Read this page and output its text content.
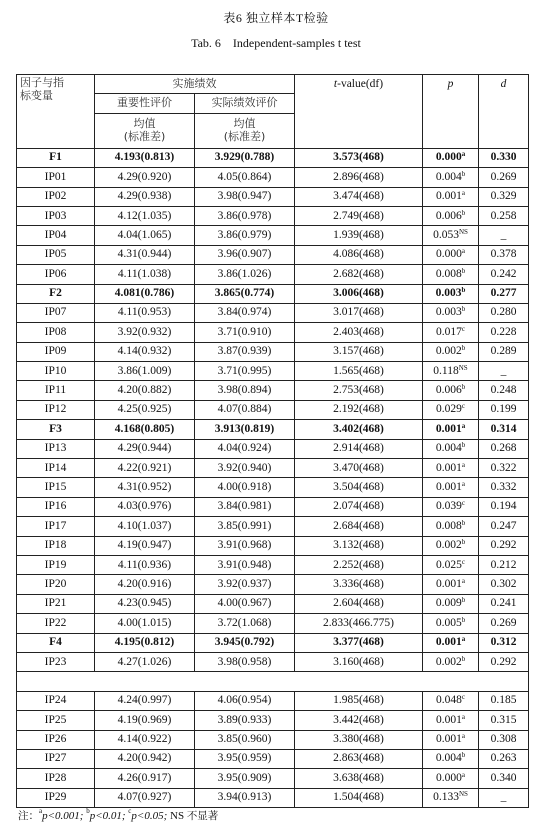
表6 独立样本T检验
Tab. 6    Independent-samples t test
因子与指
标变量	实施绩效		t-value(df)	p	d
	重要性评价	实际绩效评价			
	均值
(标准差)	均值
(标准差)			
F1	4.193(0.813)	3.929(0.788)	3.573(468)	0.000$^a$	0.330
IP01	4.29(0.920)	4.05(0.864)	2.896(468)	0.004$^b$	0.269
IP02	4.29(0.938)	3.98(0.947)	3.474(468)	0.001$^a$	0.329
IP03	4.12(1.035)	3.86(0.978)	2.749(468)	0.006$^b$	0.258
IP04	4.04(1.065)	3.86(0.979)	1.939(468)	$0.053^{NS}$	_
IP05	4.31(0.944)	3.96(0.907)	4.086(468)	0.000$^a$	0.378
IP06	4.11(1.038)	3.86(1.026)	2.682(468)	0.008$^b$	0.242
F2	4.081(0.786)	3.865(0.774)	3.006(468)	0.003$^b$	0.277
IP07	4.11(0.953)	3.84(0.974)	3.017(468)	0.003$^b$	0.280
IP08	3.92(0.932)	3.71(0.910)	2.403(468)	0.017$^c$	0.228
IP09	4.14(0.932)	3.87(0.939)	3.157(468)	0.002$^b$	0.289
IP10	3.86(1.009)	3.71(0.995)	1.565(468)	$0.118^{NS}$	_
IP11	4.20(0.882)	3.98(0.894)	2.753(468)	0.006$^b$	0.248
IP12	4.25(0.925)	4.07(0.884)	2.192(468)	0.029$^c$	0.199
F3	4.168(0.805)	3.913(0.819)	3.402(468)	0.001$^a$	0.314
IP13	4.29(0.944)	4.04(0.924)	2.914(468)	0.004$^b$	0.268
IP14	4.22(0.921)	3.92(0.940)	3.470(468)	0.001$^a$	0.322
IP15	4.31(0.952)	4.00(0.918)	3.504(468)	0.001$^a$	0.332
IP16	4.03(0.976)	3.84(0.981)	2.074(468)	0.039$^c$	0.194
IP17	4.10(1.037)	3.85(0.991)	2.684(468)	0.008$^b$	0.247
IP18	4.19(0.947)	3.91(0.968)	3.132(468)	0.002$^b$	0.292
IP19	4.11(0.936)	3.91(0.948)	2.252(468)	0.025$^c$	0.212
IP20	4.20(0.916)	3.92(0.937)	3.336(468)	0.001$^a$	0.302
IP21	4.23(0.945)	4.00(0.967)	2.604(468)	0.009$^b$	0.241
IP22	4.00(1.015)	3.72(1.068)	2.833(466.775)	0.005$^b$	0.269
F4	4.195(0.812)	3.945(0.792)	3.377(468)	0.001$^a$	0.312
IP23	4.27(1.026)	3.98(0.958)	3.160(468)	0.002$^b$	0.292

IP24	4.24(0.997)	4.06(0.954)	1.985(468)	0.048$^c$	0.185
IP25	4.19(0.969)	3.89(0.933)	3.442(468)	0.001$^a$	0.315
IP26	4.14(0.922)	3.85(0.960)	3.380(468)	0.001$^a$	0.308
IP27	4.20(0.942)	3.95(0.959)	2.863(468)	0.004$^b$	0.263
IP28	4.26(0.917)	3.95(0.909)	3.638(468)	0.000$^a$	0.340
IP29	4.07(0.927)	3.94(0.913)	1.504(468)	$0.133^{NS}$	_
注：$^a$p<0.001; $^b$p<0.01; $^c$p<0.05; NS 不显著
